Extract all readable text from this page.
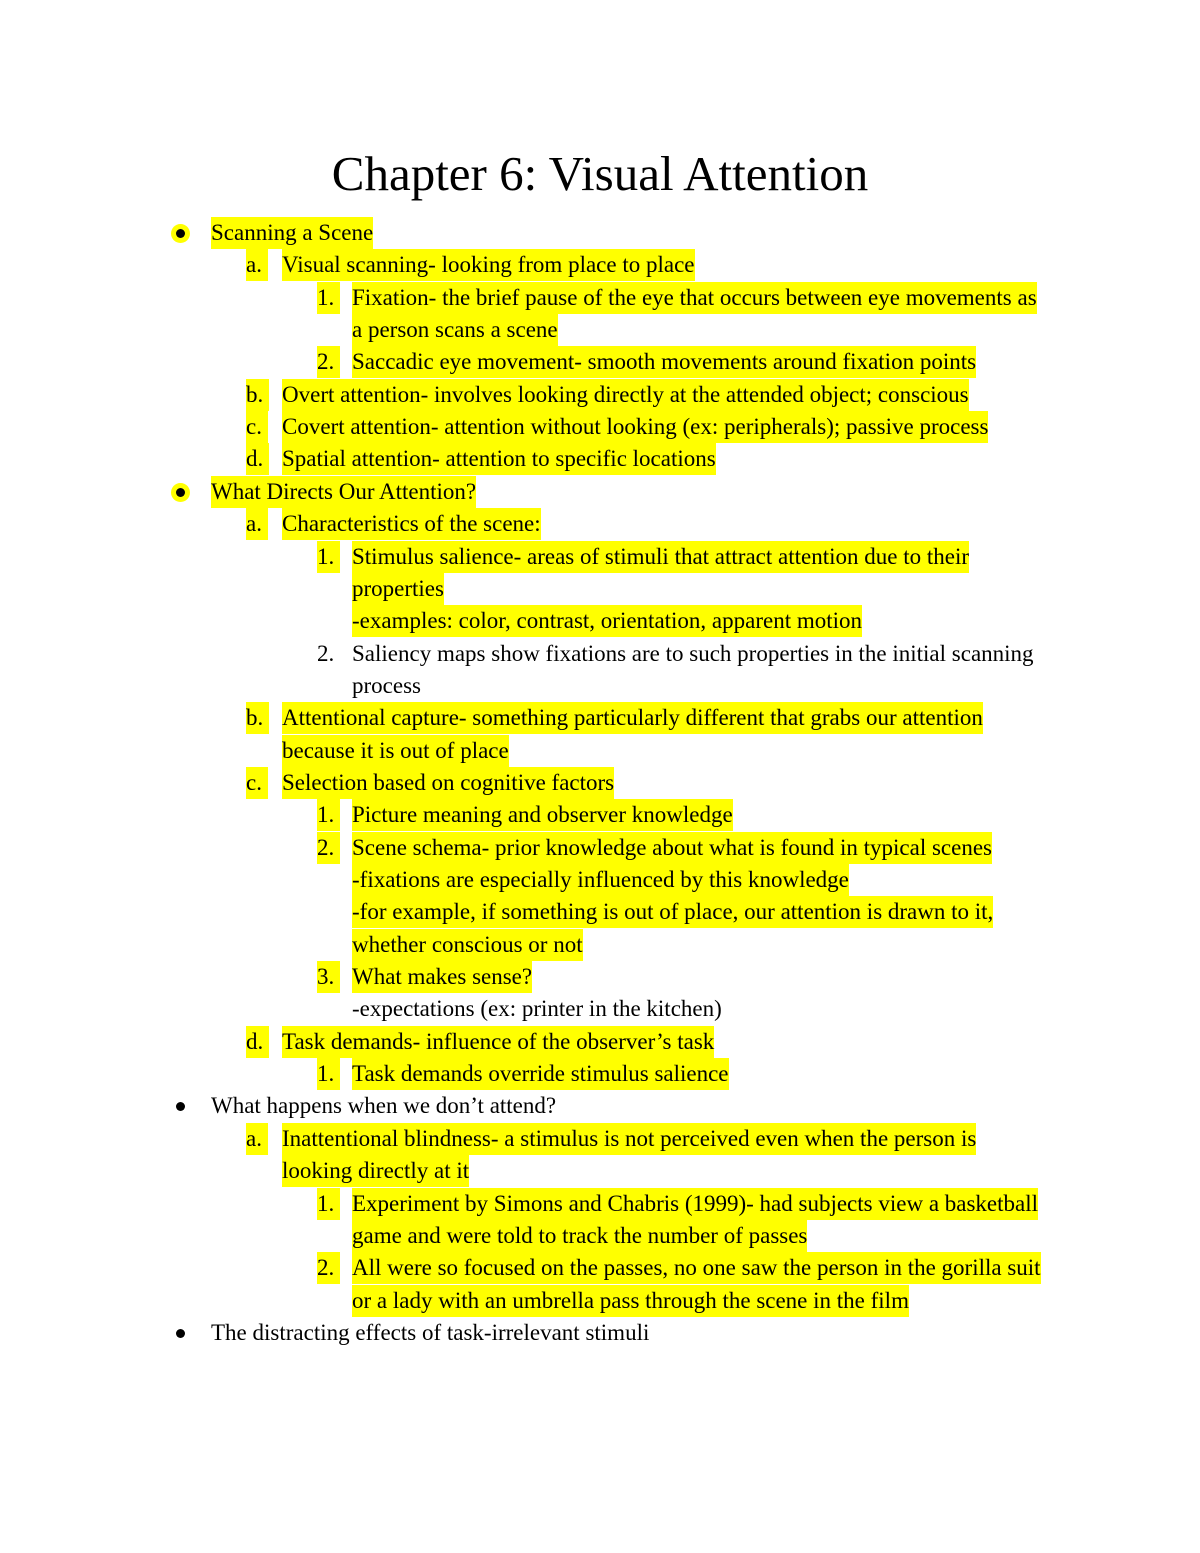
Chapter 6: Visual Attention
Scanning a Scene
a. Visual scanning- looking from place to place
1. Fixation- the brief pause of the eye that occurs between eye movements as
a person scans a scene
2. Saccadic eye movement- smooth movements around fixation points
b. Overt attention- involves looking directly at the attended object; conscious
c. Covert attention- attention without looking (ex: peripherals); passive process
d. Spatial attention- attention to specific locations
What Directs Our Attention?
a. Characteristics of the scene:
1. Stimulus salience- areas of stimuli that attract attention due to their
properties
-examples: color, contrast, orientation, apparent motion
2. Saliency maps show fixations are to such properties in the initial scanning
process
b. Attentional capture- something particularly different that grabs our attention
because it is out of place
c. Selection based on cognitive factors
1. Picture meaning and observer knowledge
2. Scene schema- prior knowledge about what is found in typical scenes
-fixations are especially influenced by this knowledge
-for example, if something is out of place, our attention is drawn to it,
whether conscious or not
3. What makes sense?
-expectations (ex: printer in the kitchen)
d. Task demands- influence of the observer’s task
1. Task demands override stimulus salience
What happens when we don’t attend?
a. Inattentional blindness- a stimulus is not perceived even when the person is
looking directly at it
1. Experiment by Simons and Chabris (1999)- had subjects view a basketball
game and were told to track the number of passes
2. All were so focused on the passes, no one saw the person in the gorilla suit
or a lady with an umbrella pass through the scene in the film
The distracting effects of task-irrelevant stimuli
